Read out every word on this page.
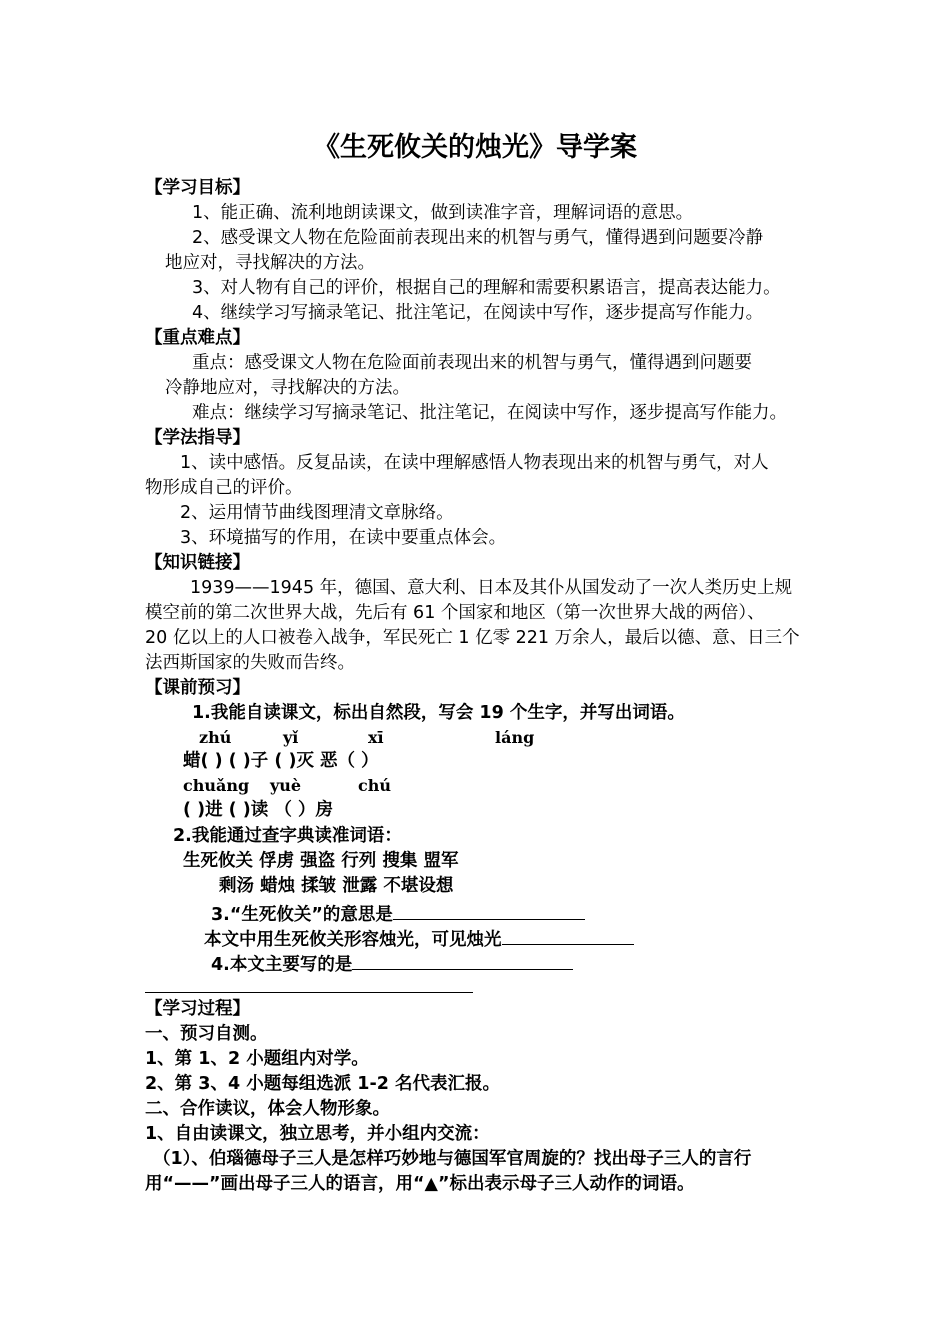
《生死攸关的烛光》导学案
【学习目标】
1、能正确、流利地朗读课文，做到读准字音，理解词语的意思。
2、感受课文人物在危险面前表现出来的机智与勇气，懂得遇到问题要冷静
地应对，寻找解决的方法。
3、对人物有自己的评价，根据自己的理解和需要积累语言，提高表达能力。
4、继续学习写摘录笔记、批注笔记，在阅读中写作，逐步提高写作能力。
【重点难点】
重点：感受课文人物在危险面前表现出来的机智与勇气，懂得遇到问题要
冷静地应对，寻找解决的方法。
难点：继续学习写摘录笔记、批注笔记，在阅读中写作，逐步提高写作能力。
【学法指导】
1、读中感悟。反复品读，在读中理解感悟人物表现出来的机智与勇气，对人
物形成自己的评价。
2、运用情节曲线图理清文章脉络。
3、环境描写的作用，在读中要重点体会。
【知识链接】
1939——1945 年，德国、意大利、日本及其仆从国发动了一次人类历史上规
模空前的第二次世界大战，先后有 61 个国家和地区（第一次世界大战的两倍）、
20 亿以上的人口被卷入战争，军民死亡 1 亿零 221 万余人，最后以德、意、日三个
法西斯国家的失败而告终。
【课前预习】
1.我能自读课文，标出自然段，写会 19 个生字，并写出词语。
zhú	yǐ	xī	láng
蜡( ) ( )子 ( )灭 恶（ ）
chuǎng yuè	chú
( )进 ( )读 （ ）房
2.我能通过查字典读准词语：
生死攸关 俘虏 强盗 行列 搜集 盟军
剩汤 蜡烛 揉皱 泄露 不堪设想
3.“生死攸关”的意思是
本文中用生死攸关形容烛光，可见烛光
4.本文主要写的是
【学习过程】
一、预习自测。
1、第 1、2 小题组内对学。
2、第 3、4 小题每组选派 1-2 名代表汇报。
二、合作读议，体会人物形象。
1、自由读课文，独立思考，并小组内交流：
（1）、伯瑙德母子三人是怎样巧妙地与德国军官周旋的？找出母子三人的言行
用“——”画出母子三人的语言，用“▲”标出表示母子三人动作的词语。
